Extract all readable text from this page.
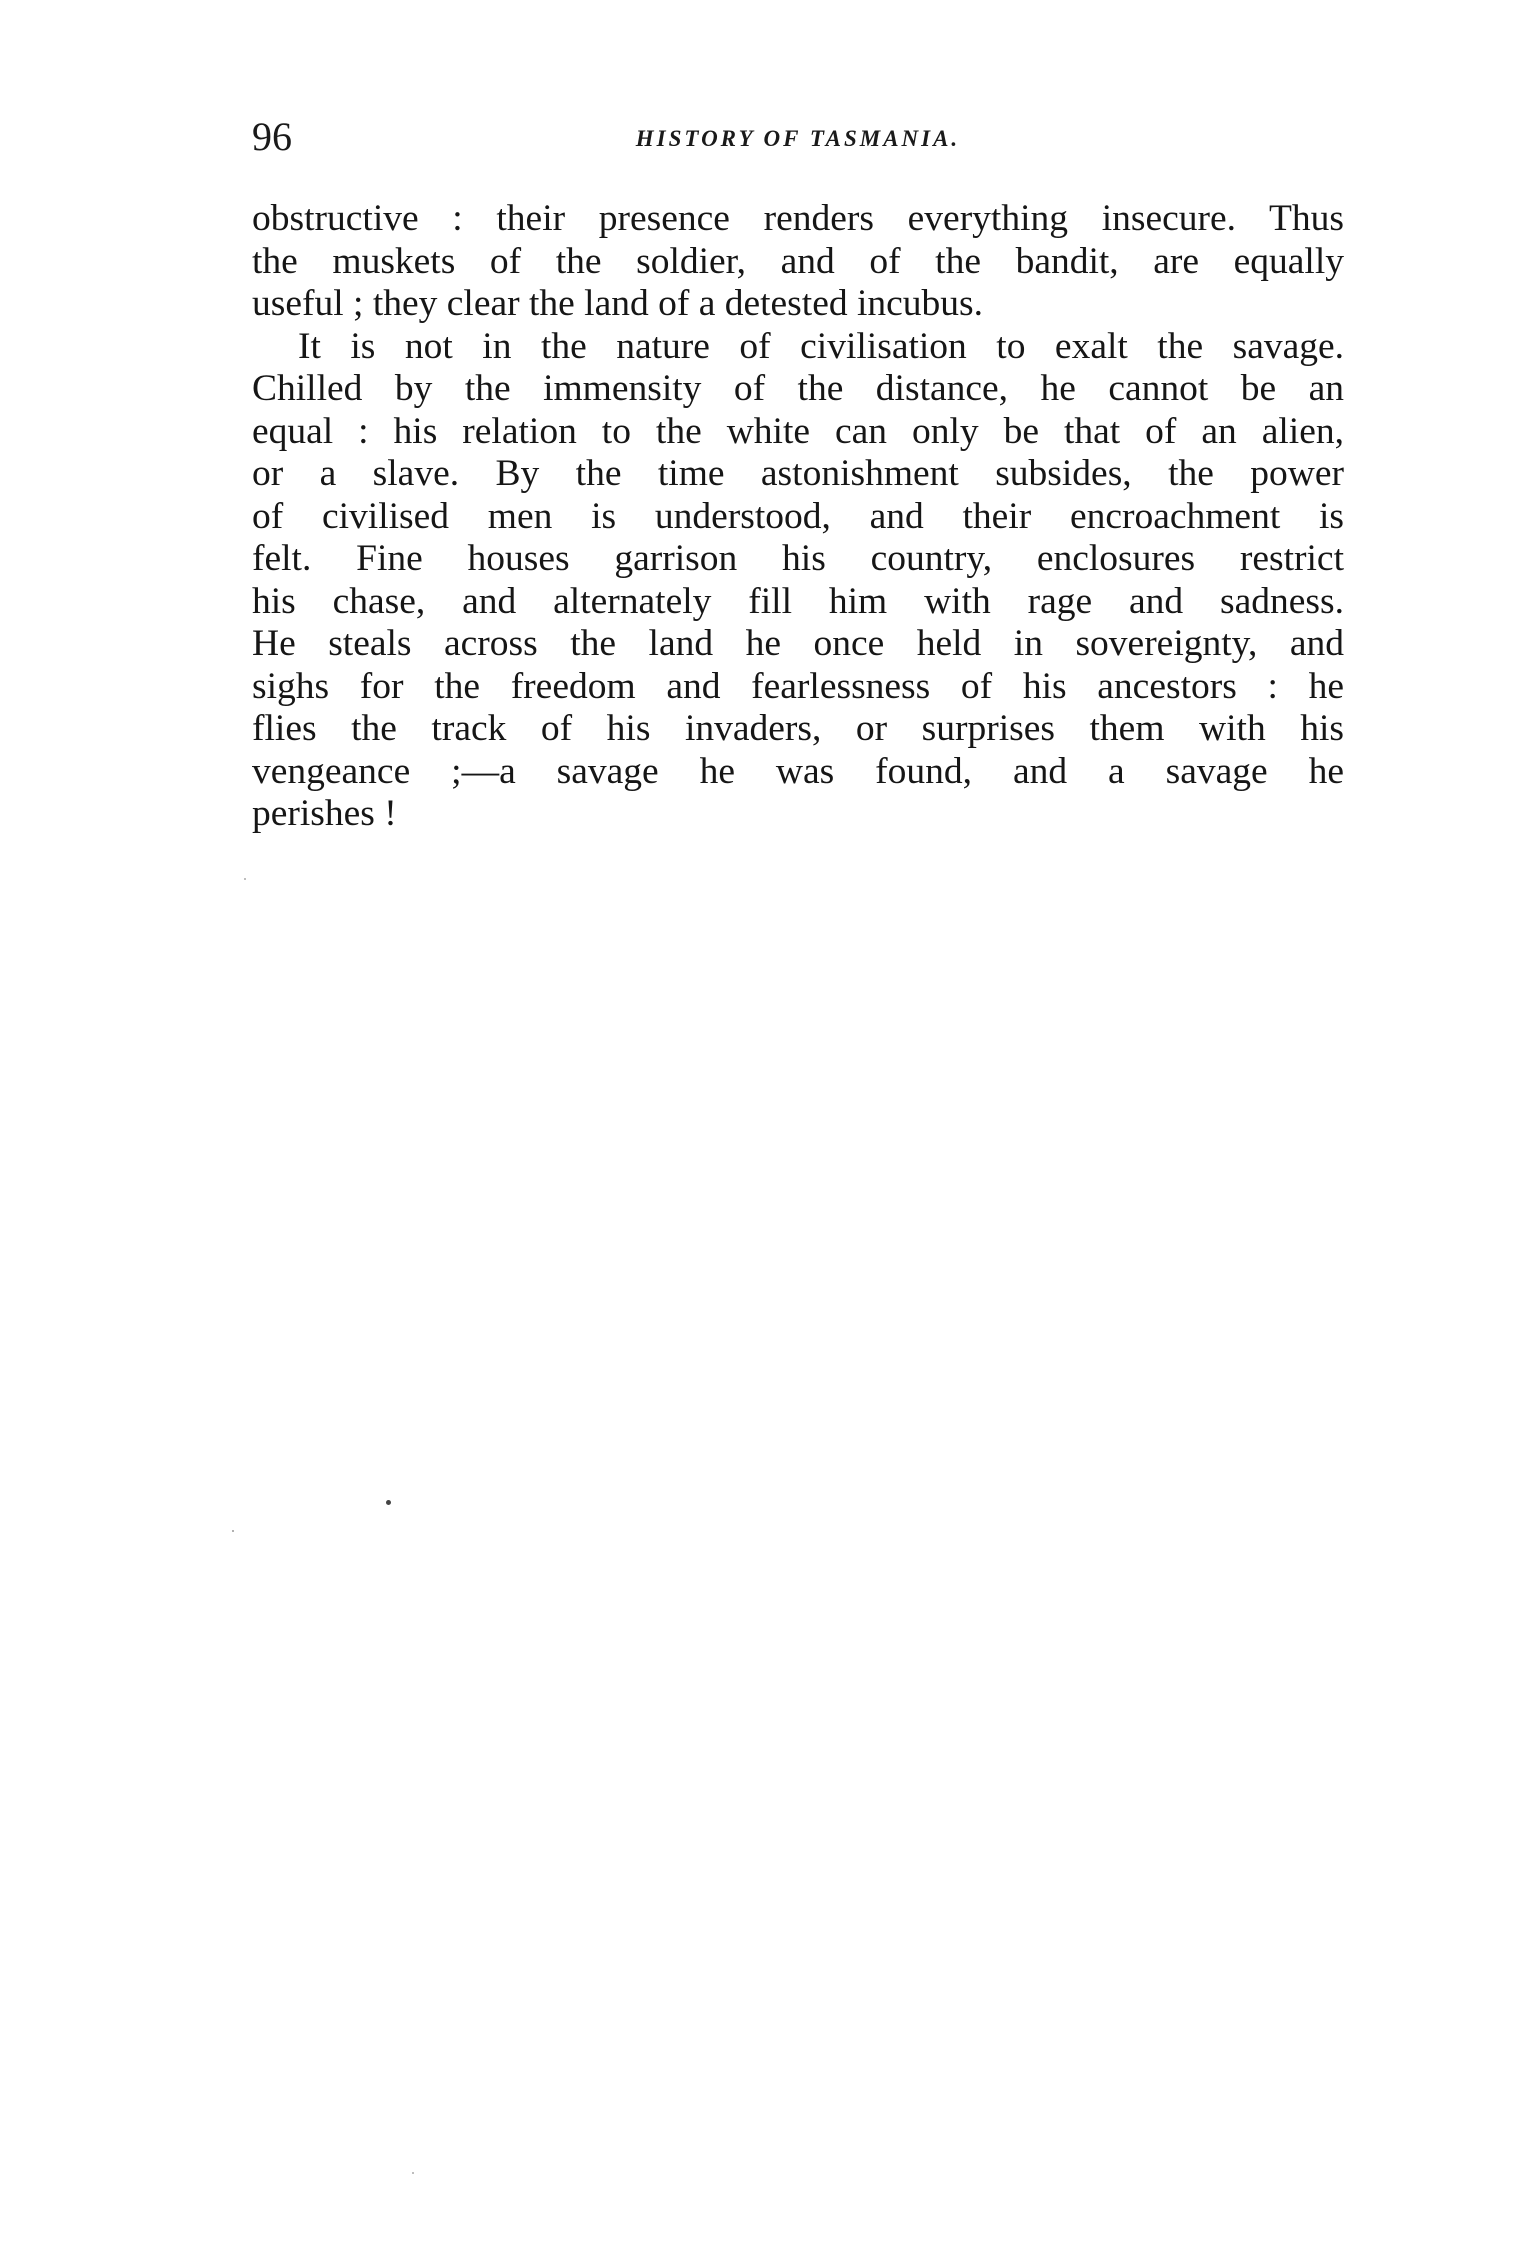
96	HISTORY OF TASMANIA.
obstructive : their presence renders everything insecure. Thus
the muskets of the soldier, and of the bandit, are equally
useful ; they clear the land of a detested incubus.
It is not in the nature of civilisation to exalt the savage.
Chilled by the immensity of the distance, he cannot be an
equal : his relation to the white can only be that of an alien,
or a slave. By the time astonishment subsides, the power
of civilised men is understood, and their encroachment is
felt. Fine houses garrison his country, enclosures restrict
his chase, and alternately fill him with rage and sadness.
He steals across the land he once held in sovereignty, and
sighs for the freedom and fearlessness of his ancestors : he
flies the track of his invaders, or surprises them with his
vengeance ;—a savage he was found, and a savage he
perishes !
